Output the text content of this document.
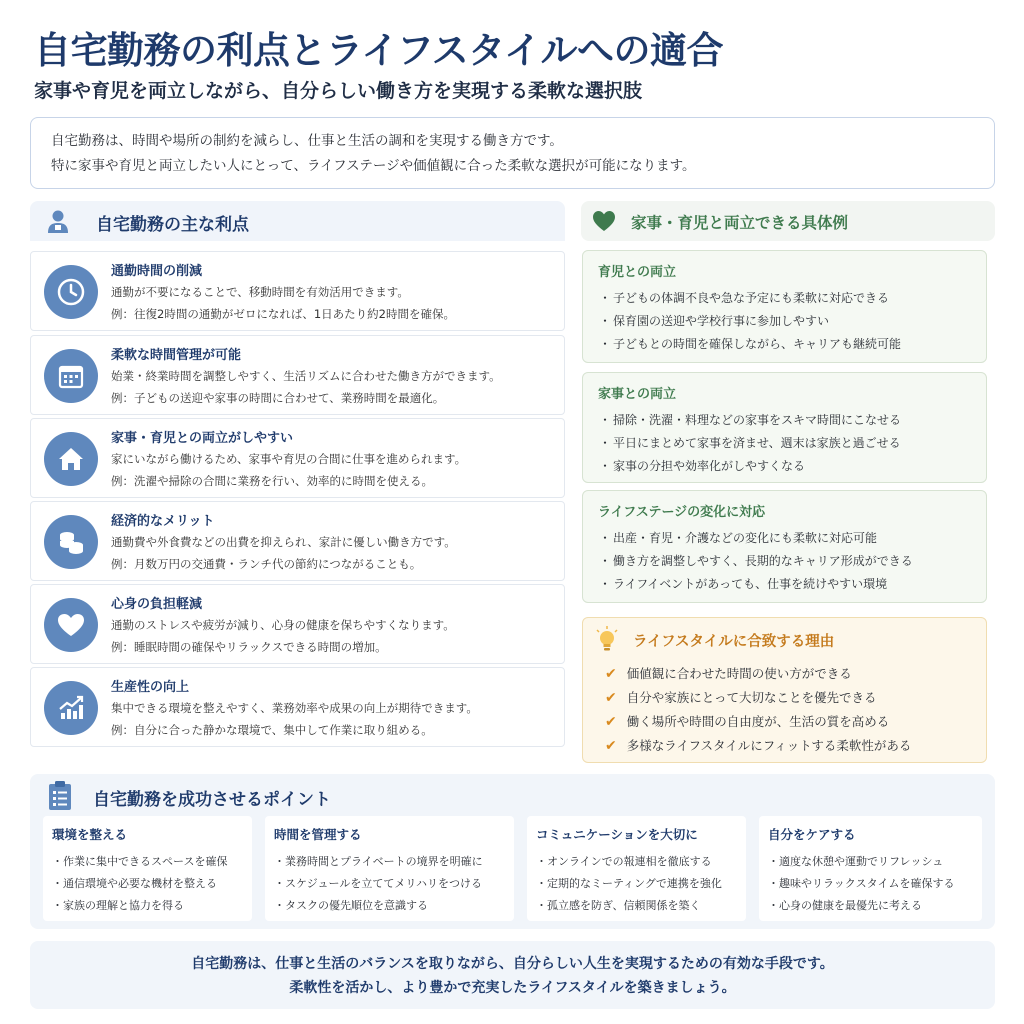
自宅勤務の利点とライフスタイルへの適合
家事や育児を両立しながら、自分らしい働き方を実現する柔軟な選択肢

自宅勤務は、時間や場所の制約を減らし、仕事と生活の調和を実現する働き方です。

特に家事や育児と両立したい人にとって、ライフステージや価値観に合った柔軟な選択が可能になります。

自宅勤務の主な利点
通勤時間の削減
通勤が不要になることで、移動時間を有効活用できます。
例：往復2時間の通勤がゼロになれば、1日あたり約2時間を確保。
柔軟な時間管理が可能
始業・終業時間を調整しやすく、生活リズムに合わせた働き方ができます。
例：子どもの送迎や家事の時間に合わせて、業務時間を最適化。
家事・育児との両立がしやすい
家にいながら働けるため、家事や育児の合間に仕事を進められます。
例：洗濯や掃除の合間に業務を行い、効率的に時間を使える。
経済的なメリット
通勤費や外食費などの出費を抑えられ、家計に優しい働き方です。
例：月数万円の交通費・ランチ代の節約につながることも。
心身の負担軽減
通勤のストレスや疲労が減り、心身の健康を保ちやすくなります。
例：睡眠時間の確保やリラックスできる時間の増加。
生産性の向上
集中できる環境を整えやすく、業務効率や成果の向上が期待できます。
例：自分に合った静かな環境で、集中して作業に取り組める。
家事・育児と両立できる具体例
育児との両立
・ 子どもの体調不良や急な予定にも柔軟に対応できる
・ 保育園の送迎や学校行事に参加しやすい
・ 子どもとの時間を確保しながら、キャリアも継続可能
家事との両立
・ 掃除・洗濯・料理などの家事をスキマ時間にこなせる
・ 平日にまとめて家事を済ませ、週末は家族と過ごせる
・ 家事の分担や効率化がしやすくなる
ライフステージの変化に対応
・ 出産・育児・介護などの変化にも柔軟に対応可能
・ 働き方を調整しやすく、長期的なキャリア形成ができる
・ ライフイベントがあっても、仕事を続けやすい環境
ライフスタイルに合致する理由
✔ 価値観に合わせた時間の使い方ができる
✔ 自分や家族にとって大切なことを優先できる
✔ 働く場所や時間の自由度が、生活の質を高める
✔ 多様なライフスタイルにフィットする柔軟性がある
自宅勤務を成功させるポイント
環境を整える
・ 作業に集中できるスペースを確保
・ 通信環境や必要な機材を整える
・ 家族の理解と協力を得る
時間を管理する
・ 業務時間とプライベートの境界を明確に
・ スケジュールを立ててメリハリをつける
・ タスクの優先順位を意識する
コミュニケーションを大切に
・ オンラインでの報連相を徹底する
・ 定期的なミーティングで連携を強化
・ 孤立感を防ぎ、信頼関係を築く
自分をケアする
・ 適度な休憩や運動でリフレッシュ
・ 趣味やリラックスタイムを確保する
・ 心身の健康を最優先に考える

自宅勤務は、仕事と生活のバランスを取りながら、自分らしい人生を実現するための有効な手段です。

柔軟性を活かし、より豊かで充実したライフスタイルを築きましょう。
